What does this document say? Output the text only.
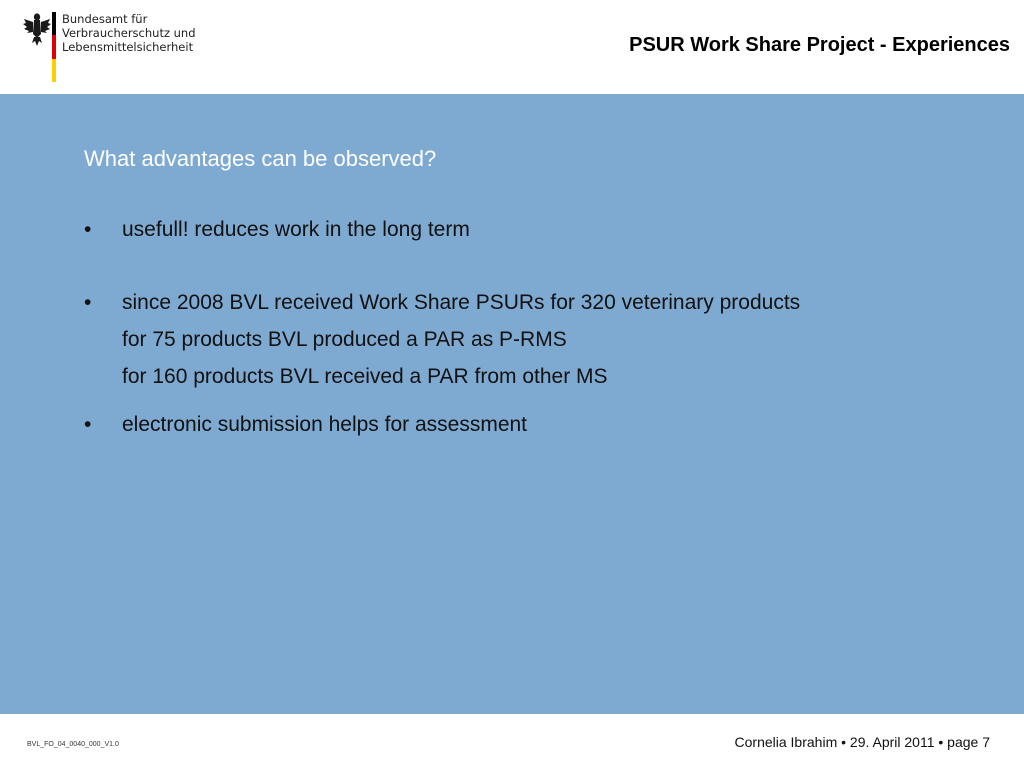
Bundesamt für
Verbraucherschutz und
Lebensmittelsicherheit	PSUR Work Share Project - Experiences
What advantages can be observed?
• usefull! reduces work in the long term
• since 2008 BVL received Work Share PSURs for 320 veterinary products
for 75 products BVL produced a PAR as P-RMS
for 160 products BVL received a PAR from other MS
• electronic submission helps for assessment
BVL_FO_04_0040_000_V1.0	Cornelia Ibrahim • 29. April 2011 • page 7
